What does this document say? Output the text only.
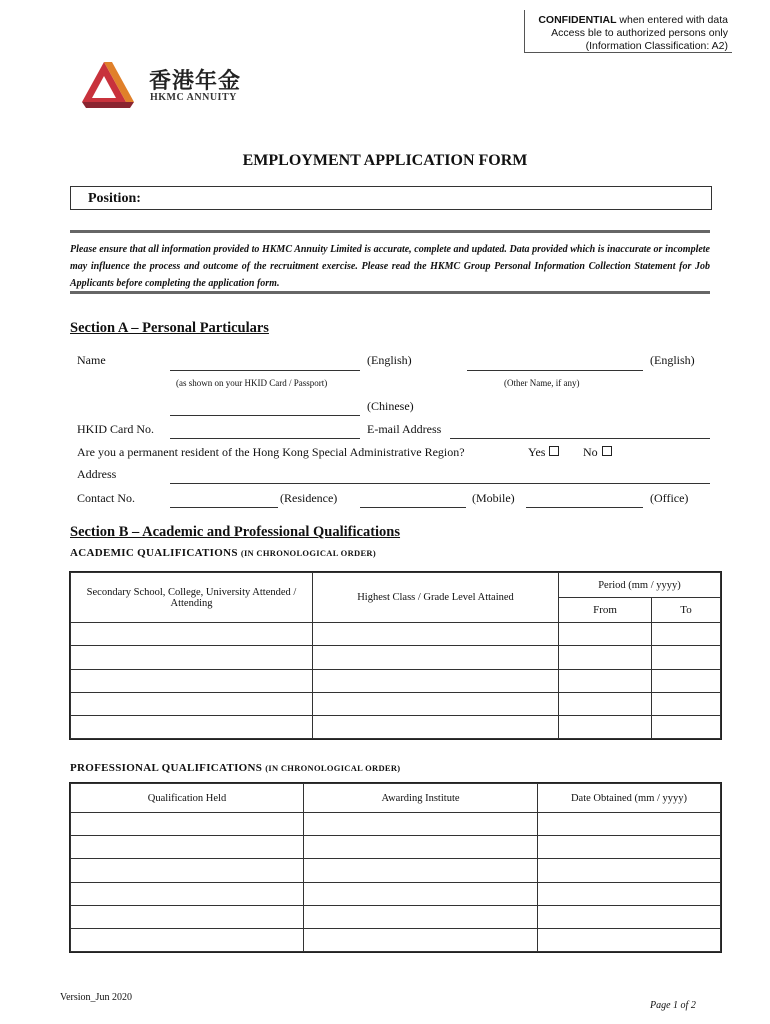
CONFIDENTIAL when entered with data
Access ble to authorized persons only
(Information Classification: A2)
香港年金
HKMC ANNUITY
EMPLOYMENT APPLICATION FORM
Position:
Please ensure that all information provided to HKMC Annuity Limited is accurate, complete and updated. Data provided which is inaccurate or incomplete may influence the process and outcome of the recruitment exercise. Please read the HKMC Group Personal Information Collection Statement for Job Applicants before completing the application form.
Section A – Personal Particulars
Name	(English)	(English)
(as shown on your HKID Card / Passport)	(Other Name, if any)
(Chinese)
HKID Card No.	E-mail Address
Are you a permanent resident of the Hong Kong Special Administrative Region?	Yes	No
Address
Contact No.	(Residence)	(Mobile)	(Office)
Section B – Academic and Professional Qualifications
ACADEMIC QUALIFICATIONS (IN CHRONOLOGICAL ORDER)
Secondary School, College, University Attended / Attending	Highest Class / Grade Level Attained	Period (mm / yyyy)	
		From	To

PROFESSIONAL QUALIFICATIONS (IN CHRONOLOGICAL ORDER)
Qualification Held	Awarding Institute	Date Obtained (mm / yyyy)

Version_Jun 2020
Page 1 of 2
